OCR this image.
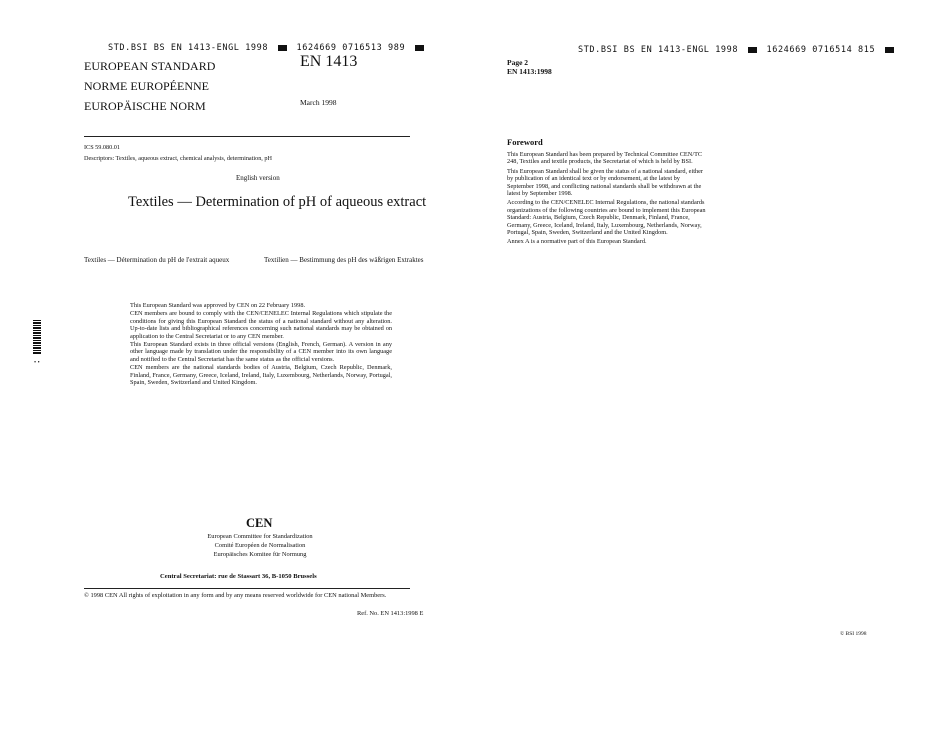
STD.BSI BS EN 1413-ENGL 1998	1624669 0716513 989
EUROPEAN STANDARD
NORME EUROPÉENNE
EUROPÄISCHE NORM
EN 1413
March 1998
ICS 59.080.01
Descriptors: Textiles, aqueous extract, chemical analysis, determination, pH
English version
Textiles — Determination of pH of aqueous extract
Textiles — Détermination du pH de l'extrait aqueux	Textilien — Bestimmung des pH des wäßrigen Extraktes

This European Standard was approved by CEN on 22 February 1998.

CEN members are bound to comply with the CEN/CENELEC Internal Regulations which stipulate the conditions for giving this European Standard the status of a national standard without any alteration. Up-to-date lists and bibliographical references concerning such national standards may be obtained on application to the Central Secretariat or to any CEN member.

This European Standard exists in three official versions (English, French, German). A version in any other language made by translation under the responsibility of a CEN member into its own language and notified to the Central Secretariat has the same status as the official versions.

CEN members are the national standards bodies of Austria, Belgium, Czech Republic, Denmark, Finland, France, Germany, Greece, Iceland, Ireland, Italy, Luxembourg, Netherlands, Norway, Portugal, Spain, Sweden, Switzerland and United Kingdom.

• •
CEN
European Committee for Standardization
Comité Européen de Normalisation
Europäisches Komitee für Normung
Central Secretariat: rue de Stassart 36, B-1050 Brussels
© 1998 CEN All rights of exploitation in any form and by any means reserved worldwide for CEN national Members.
Ref. No. EN 1413:1998 E
STD.BSI BS EN 1413-ENGL 1998	1624669 0716514 815
Page 2
EN 1413:1998
Foreword

This European Standard has been prepared by Technical Committee CEN/TC 248, Textiles and textile products, the Secretariat of which is held by BSI.

This European Standard shall be given the status of a national standard, either by publication of an identical text or by endorsement, at the latest by September 1998, and conflicting national standards shall be withdrawn at the latest by September 1998.

According to the CEN/CENELEC Internal Regulations, the national standards organizations of the following countries are bound to implement this European Standard: Austria, Belgium, Czech Republic, Denmark, Finland, France, Germany, Greece, Iceland, Ireland, Italy, Luxembourg, Netherlands, Norway, Portugal, Spain, Sweden, Switzerland and the United Kingdom.

Annex A is a normative part of this European Standard.

© BSI 1998
